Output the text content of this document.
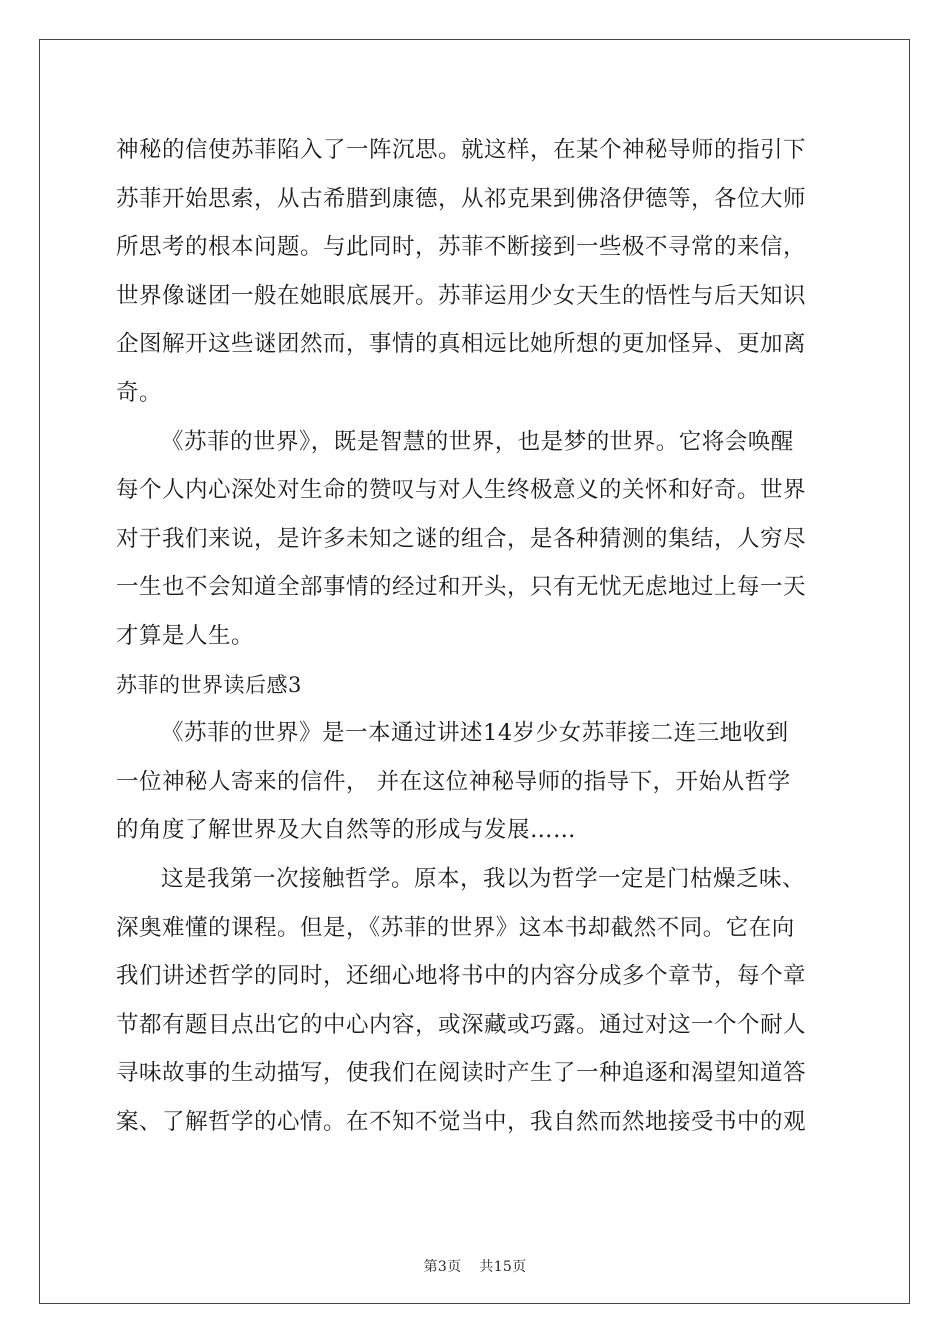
神秘的信使苏菲陷入了一阵沉思。就这样，在某个神秘导师的指引下
苏菲开始思索，从古希腊到康德，从祁克果到佛洛伊德等，各位大师
所思考的根本问题。与此同时，苏菲不断接到一些极不寻常的来信，
世界像谜团一般在她眼底展开。苏菲运用少女天生的悟性与后天知识
企图解开这些谜团然而，事情的真相远比她所想的更加怪异、更加离
奇。
《苏菲的世界》，既是智慧的世界，也是梦的世界。它将会唤醒
每个人内心深处对生命的赞叹与对人生终极意义的关怀和好奇。世界
对于我们来说，是许多未知之谜的组合，是各种猜测的集结，人穷尽
一生也不会知道全部事情的经过和开头，只有无忧无虑地过上每一天
才算是人生。
苏菲的世界读后感3
《苏菲的世界》是一本通过讲述14岁少女苏菲接二连三地收到
一位神秘人寄来的信件， 并在这位神秘导师的指导下，开始从哲学
的角度了解世界及大自然等的形成与发展……
这是我第一次接触哲学。原本，我以为哲学一定是门枯燥乏味、
深奥难懂的课程。但是，《苏菲的世界》这本书却截然不同。它在向
我们讲述哲学的同时，还细心地将书中的内容分成多个章节，每个章
节都有题目点出它的中心内容，或深藏或巧露。通过对这一个个耐人
寻味故事的生动描写，使我们在阅读时产生了一种追逐和渴望知道答
案、了解哲学的心情。在不知不觉当中，我自然而然地接受书中的观
第3页 共15页
